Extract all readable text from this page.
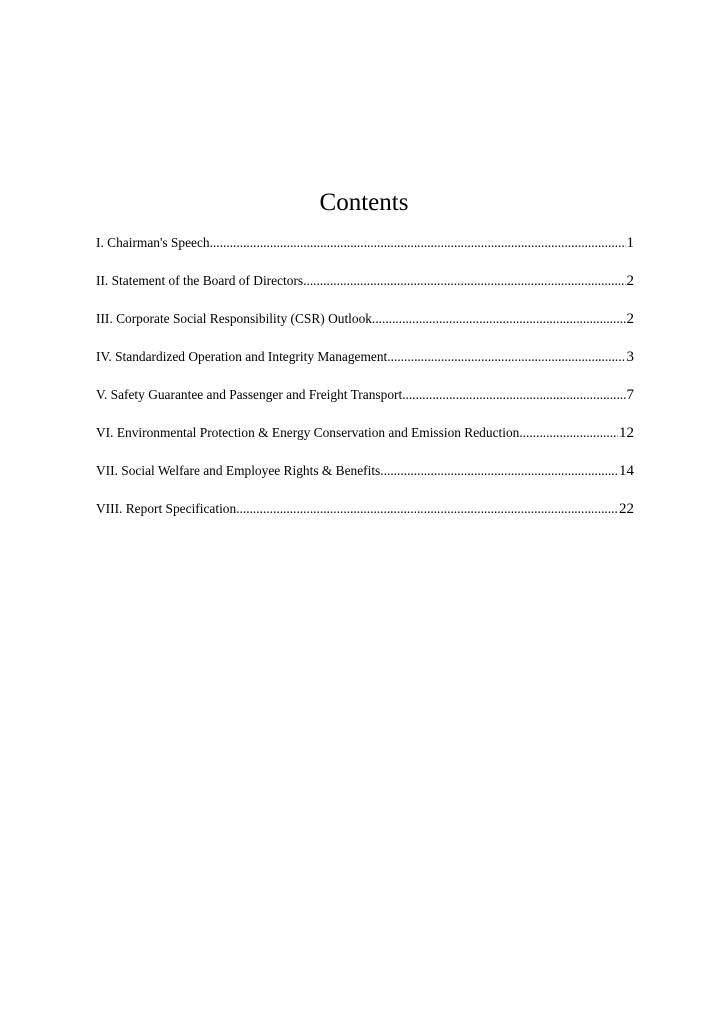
Contents
I. Chairman's Speech .....	1
II. Statement of the Board of Directors .....	2
III. Corporate Social Responsibility (CSR) Outlook .....	2
IV. Standardized Operation and Integrity Management .....	3
V. Safety Guarantee and Passenger and Freight Transport .....	7
VI. Environmental Protection & Energy Conservation and Emission Reduction .....	12
VII. Social Welfare and Employee Rights & Benefits .....	14
VIII. Report Specification .....	22
